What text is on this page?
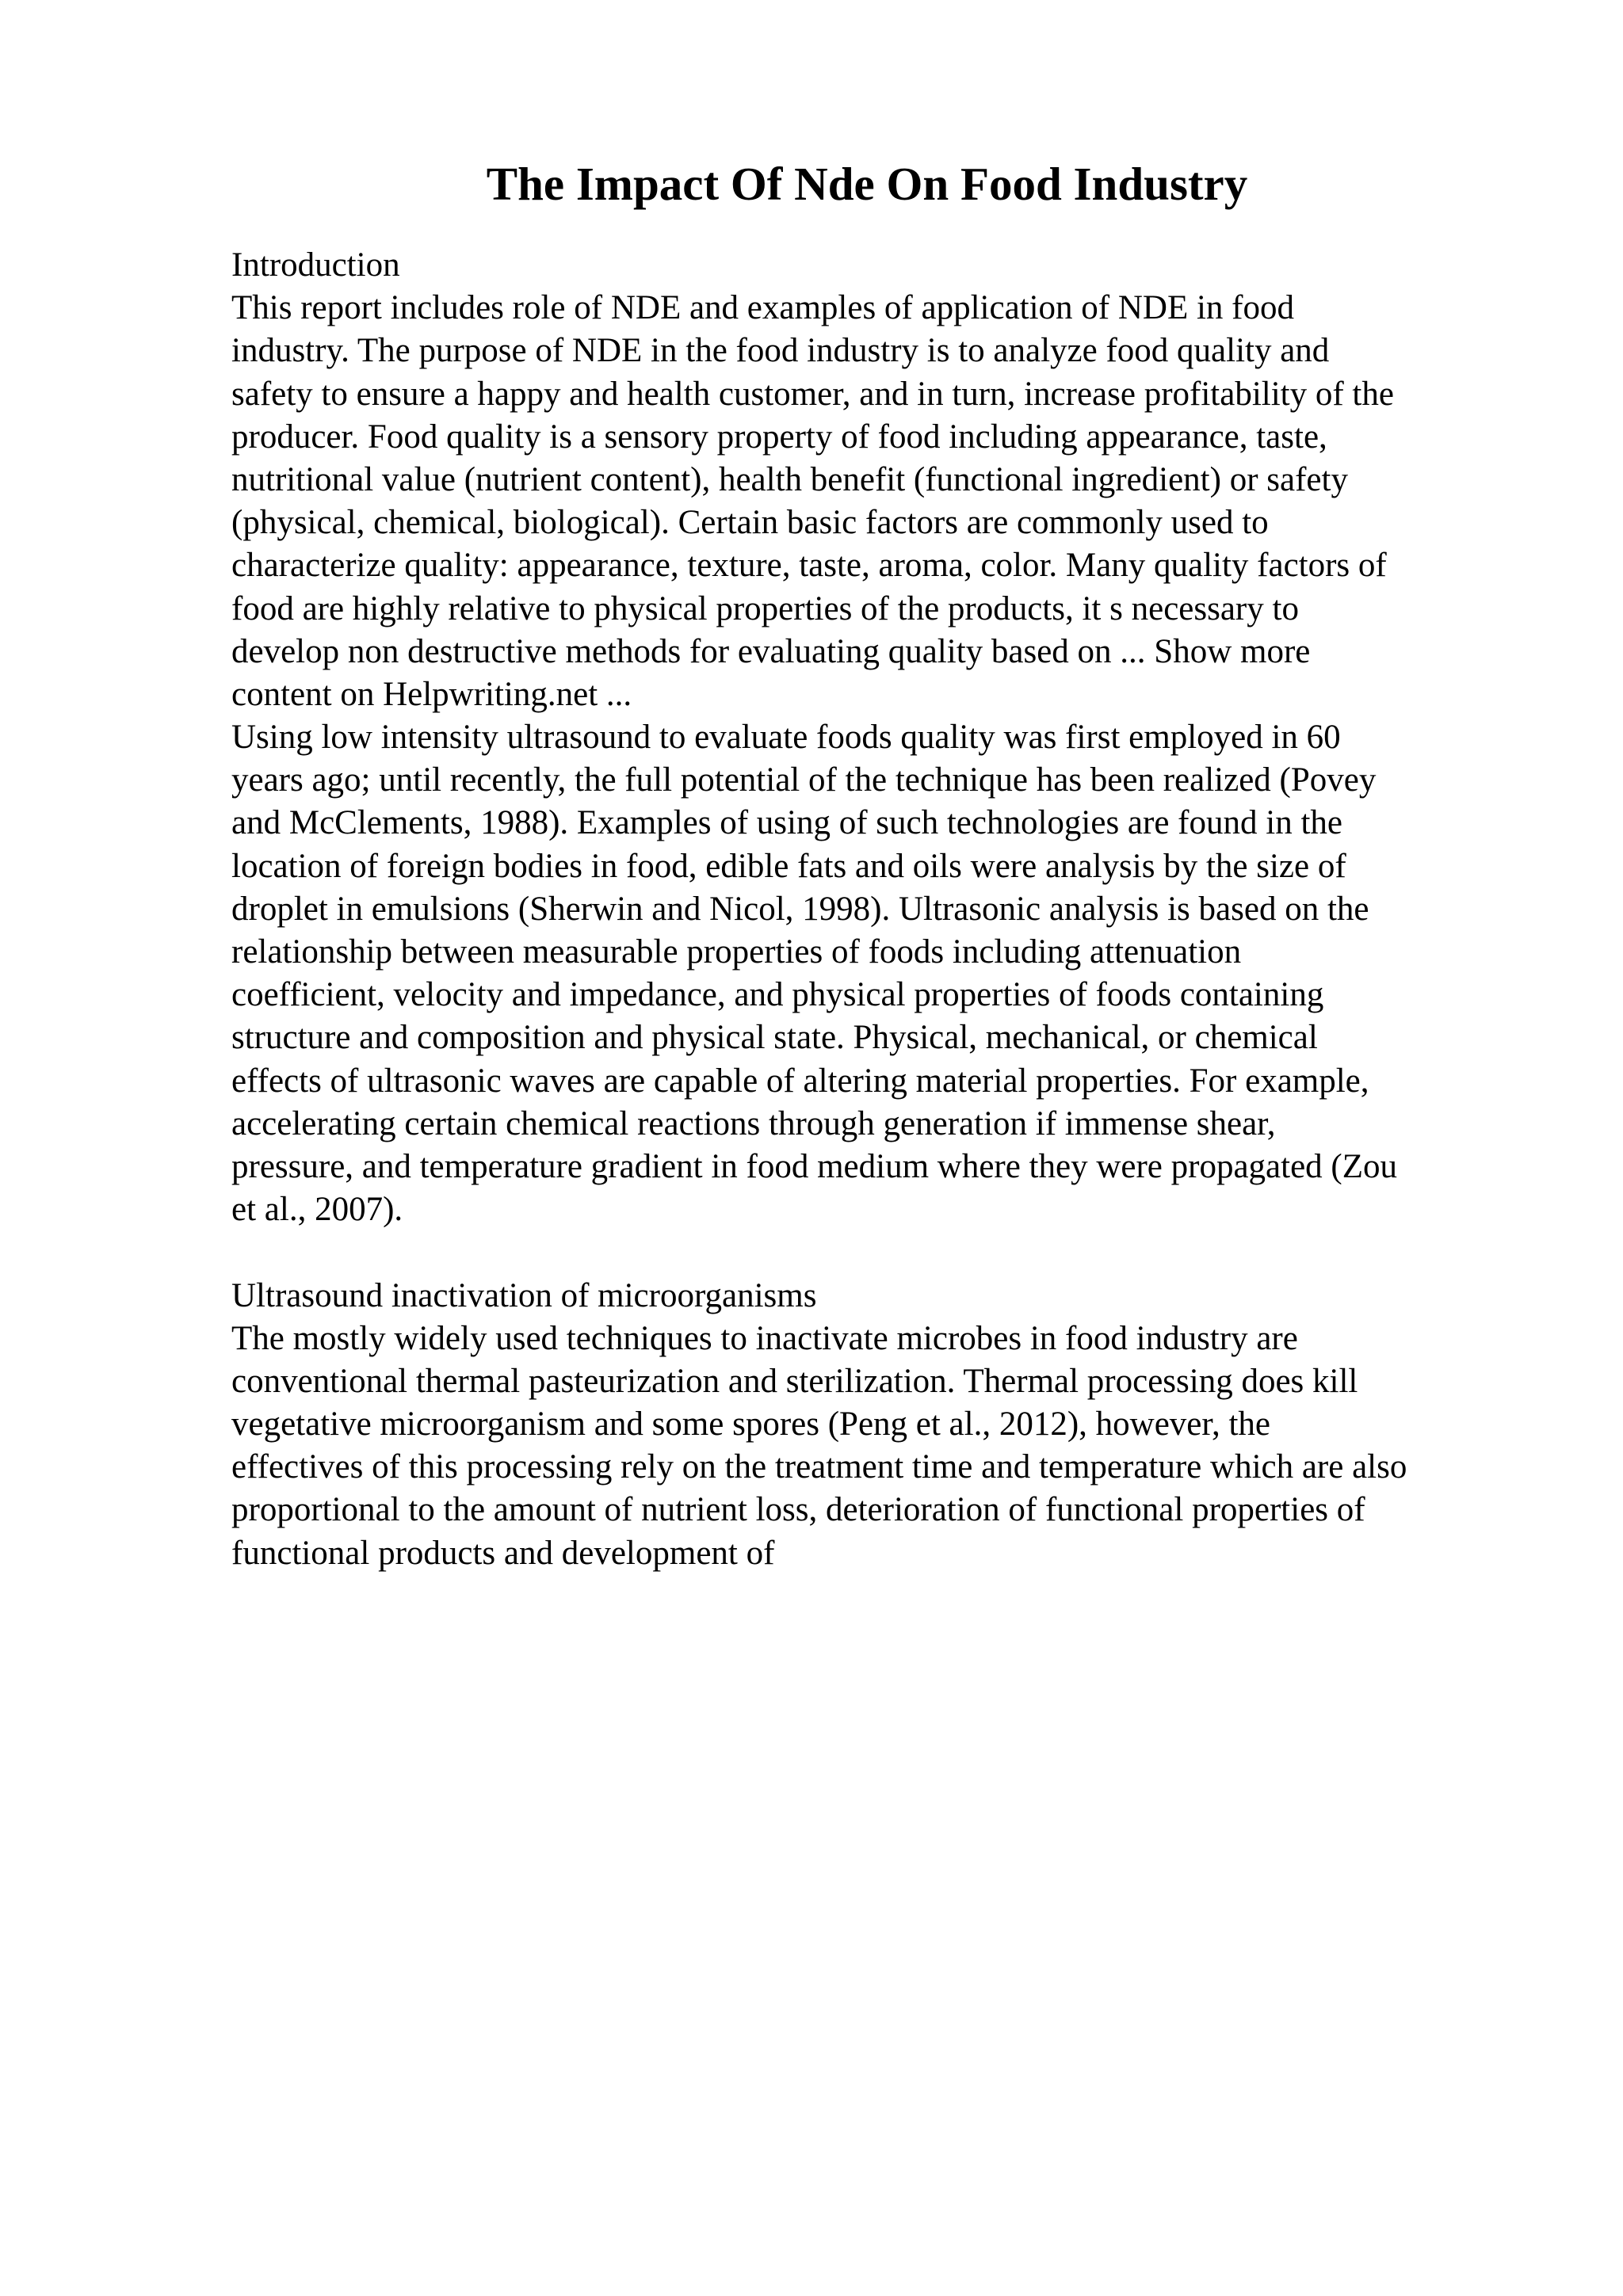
The Impact Of Nde On Food Industry
Introduction
This report includes role of NDE and examples of application of NDE in food
industry. The purpose of NDE in the food industry is to analyze food quality and
safety to ensure a happy and health customer, and in turn, increase profitability of the
producer. Food quality is a sensory property of food including appearance, taste,
nutritional value (nutrient content), health benefit (functional ingredient) or safety
(physical, chemical, biological). Certain basic factors are commonly used to
characterize quality: appearance, texture, taste, aroma, color. Many quality factors of
food are highly relative to physical properties of the products, it s necessary to
develop non destructive methods for evaluating quality based on ... Show more
content on Helpwriting.net ...
Using low intensity ultrasound to evaluate foods quality was first employed in 60
years ago; until recently, the full potential of the technique has been realized (Povey
and McClements, 1988). Examples of using of such technologies are found in the
location of foreign bodies in food, edible fats and oils were analysis by the size of
droplet in emulsions (Sherwin and Nicol, 1998). Ultrasonic analysis is based on the
relationship between measurable properties of foods including attenuation
coefficient, velocity and impedance, and physical properties of foods containing
structure and composition and physical state. Physical, mechanical, or chemical
effects of ultrasonic waves are capable of altering material properties. For example,
accelerating certain chemical reactions through generation if immense shear,
pressure, and temperature gradient in food medium where they were propagated (Zou
et al., 2007).
Ultrasound inactivation of microorganisms
The mostly widely used techniques to inactivate microbes in food industry are
conventional thermal pasteurization and sterilization. Thermal processing does kill
vegetative microorganism and some spores (Peng et al., 2012), however, the
effectives of this processing rely on the treatment time and temperature which are also
proportional to the amount of nutrient loss, deterioration of functional properties of
functional products and development of
